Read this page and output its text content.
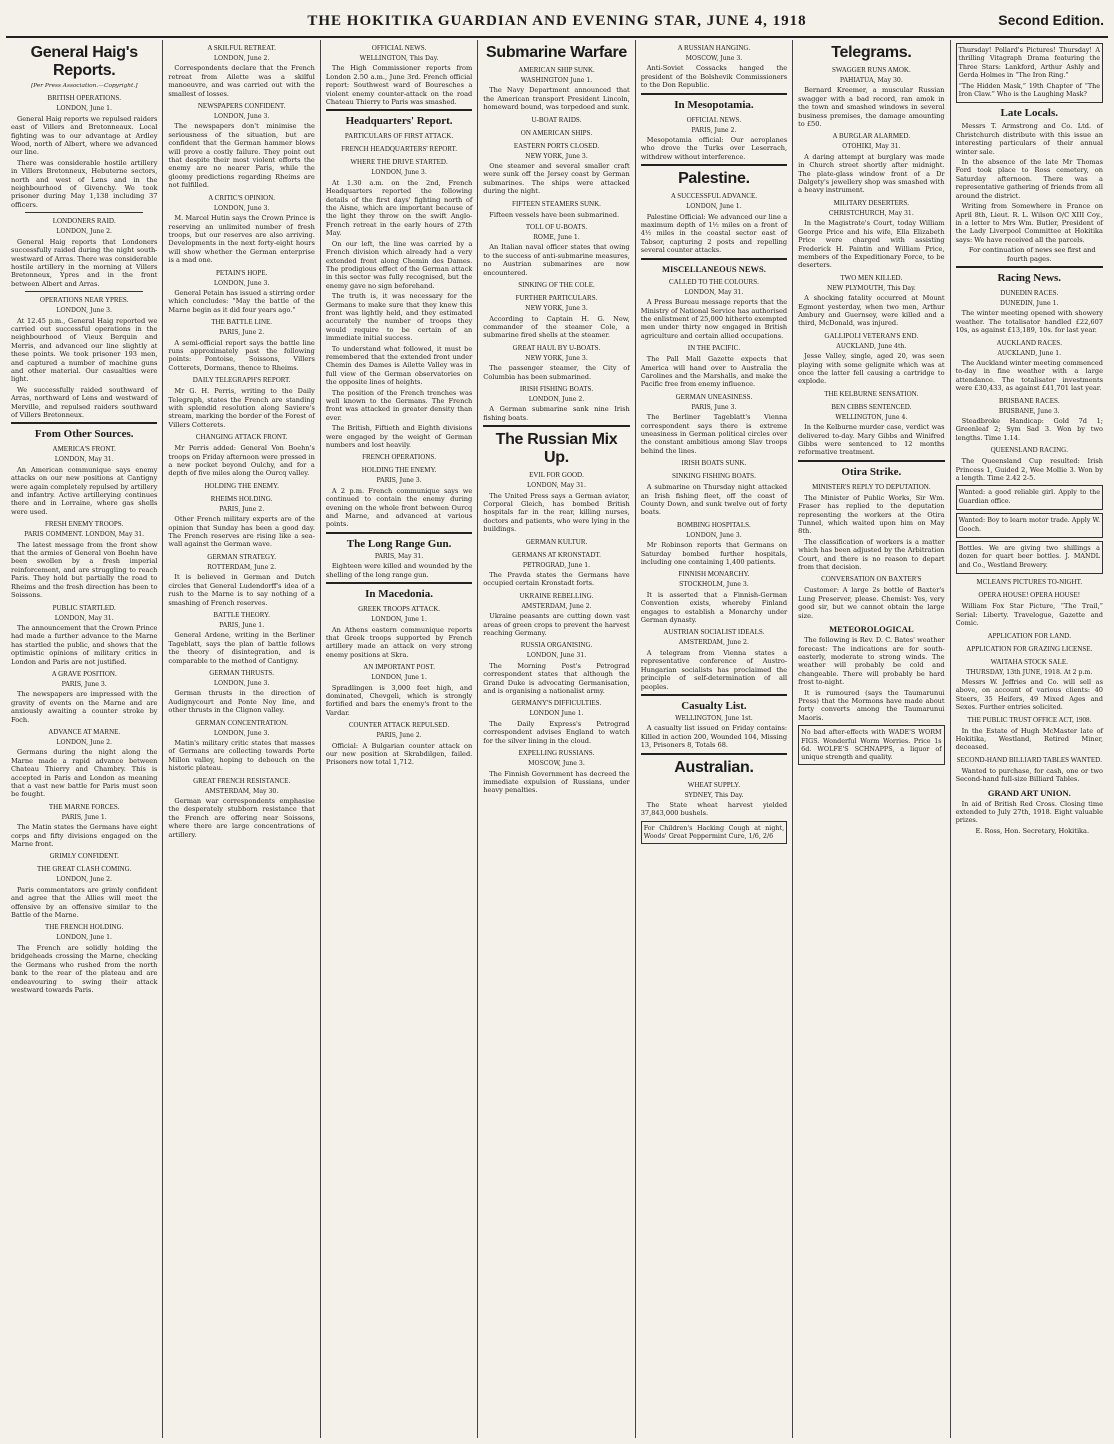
THE HOKITIKA GUARDIAN AND EVENING STAR, JUNE 4, 1918	Second Edition.
General Haig's Reports.
[Per Press Association.—Copyright.]
BRITISH OPERATIONS.
LONDON, June 1.

General Haig reports we repulsed raiders east of Villers and Bretonneaux. Local fighting was to our advantage at Ardley Wood, north of Albert, where we advanced our line.

There was considerable hostile artillery in Villers Bretonneux, Hebuterne sectors, north and west of Lens and in the neighbourhood of Givenchy. We took prisoner during May 1,138 including 37 officers.

LONDONERS RAID.
LONDON, June 2.

General Haig reports that Londoners successfully raided during the night south-westward of Arras. There was considerable hostile artillery in the morning at Villers Bretonneux, Ypres and in the front between Albert and Arras.

OPERATIONS NEAR YPRES.
LONDON, June 3.

At 12.45 p.m., General Haig reported we carried out successful operations in the neighbourhood of Vieux Berquin and Merris, and advanced our line slightly at these points. We took prisoner 193 men, and captured a number of machine guns and other material. Our casualties were light.

We successfully raided southward of Arras, northward of Lens and westward of Merville, and repulsed raiders southward of Villers Bretonneux.

From Other Sources.
AMERICA'S FRONT.
LONDON, May 31.

An American communique says enemy attacks on our new positions at Cantigny were again completely repulsed by artillery and infantry. Active artillerying continues there and in Lorraine, where gas shells were used.

FRESH ENEMY TROOPS.
PARIS COMMENT. LONDON, May 31.

The latest message from the front show that the armies of General von Boehn have been swollen by a fresh imperial reinforcement, and are struggling to reach Paris. They hold but partially the road to Rheims and the fresh direction has been to Soissons.

PUBLIC STARTLED.
LONDON, May 31.

The announcement that the Crown Prince had made a further advance to the Marne has startled the public, and shows that the optimistic opinions of military critics in London and Paris are not justified.

A GRAVE POSITION.
PARIS, June 3.

The newspapers are impressed with the gravity of events on the Marne and are anxiously awaiting a counter stroke by Foch.

ADVANCE AT MARNE.
LONDON, June 2.

Germans during the night along the Marne made a rapid advance between Chateau Thierry and Chambry. This is accepted in Paris and London as meaning that a vast new battle for Paris must soon be fought.

THE MARNE FORCES.
PARIS, June 1.

The Matin states the Germans have eight corps and fifty divisions engaged on the Marne front.

GRIMLY CONFIDENT.
THE GREAT CLASH COMING.
LONDON, June 2.

Paris commentators are grimly confident and agree that the Allies will meet the offensive by an offensive similar to the Battle of the Marne.

THE FRENCH HOLDING.
LONDON, June 1.

The French are solidly holding the bridgeheads crossing the Marne, checking the Germans who rushed from the north bank to the rear of the plateau and are endeavouring to swing their attack westward towards Paris.

A SKILFUL RETREAT.
LONDON, June 2.

Correspondents declare that the French retreat from Ailette was a skilful manoeuvre, and was carried out with the smallest of losses.

NEWSPAPERS CONFIDENT.
LONDON, June 3.

The newspapers don't minimise the seriousness of the situation, but are confident that the German hammer blows will prove a costly failure. They point out that despite their most violent efforts the enemy are no nearer Paris, while the gloomy predictions regarding Rheims are not fulfilled.

A CRITIC'S OPINION.
LONDON, June 3.

M. Marcel Hutin says the Crown Prince is reserving an unlimited number of fresh troops, but our reserves are also arriving. Developments in the next forty-eight hours will show whether the German enterprise is a mad one.

PETAIN'S HOPE.
LONDON, June 3.

General Petain has issued a stirring order which concludes: "May the battle of the Marne begin as it did four years ago."

THE BATTLE LINE.
PARIS, June 2.

A semi-official report says the battle line runs approximately past the following points: Pontoise, Soissons, Villers Cotterets, Dormans, thence to Rheims.

DAILY TELEGRAPH'S REPORT.

Mr G. H. Perris, writing to the Daily Telegraph, states the French are standing with splendid resolution along Saviere's stream, marking the border of the Forest of Villers Cotterets.

CHANGING ATTACK FRONT.

Mr Perris added: General Von Boehn's troops on Friday afternoon were pressed in a new pocket beyond Oulchy, and for a depth of five miles along the Ourcq valley.

HOLDING THE ENEMY.
RHEIMS HOLDING.
PARIS, June 2.

Other French military experts are of the opinion that Sunday has been a good day. The French reserves are rising like a sea-wall against the German wave.

GERMAN STRATEGY.
ROTTERDAM, June 2.

It is believed in German and Dutch circles that General Ludendorff's idea of a rush to the Marne is to say nothing of a smashing of French reserves.

BATTLE THEORY.
PARIS, June 1.

General Ardene, writing in the Berliner Tageblatt, says the plan of battle follows the theory of disintegration, and is comparable to the method of Cantigny.

GERMAN THRUSTS.
LONDON, June 3.

German thrusts in the direction of Audignycourt and Ponte Noy line, and other thrusts in the Clignon valley.

GERMAN CONCENTRATION.
LONDON, June 3.

Matin's military critic states that masses of Germans are collecting towards Porte Millon valley, hoping to debouch on the historic plateau.

GREAT FRENCH RESISTANCE.
AMSTERDAM, May 30.

German war correspondents emphasise the desperately stubborn resistance that the French are offering near Soissons, where there are large concentrations of artillery.

OFFICIAL NEWS.
WELLINGTON, This Day.

The High Commissioner reports from London 2.50 a.m., June 3rd. French official report: Southwest ward of Bouresches a violent enemy counter-attack on the road Chateau Thierry to Paris was smashed.

Headquarters' Report.
PARTICULARS OF FIRST ATTACK.
FRENCH HEADQUARTERS' REPORT.
WHERE THE DRIVE STARTED.
LONDON, June 3.

At 1.30 a.m. on the 2nd, French Headquarters reported the following details of the first days' fighting north of the Aisne, which are important because of the light they throw on the swift Anglo-French retreat in the early hours of 27th May.

On our left, the line was carried by a French division which already had a very extended front along Chemin des Dames. The prodigious effect of the German attack in this sector was fully recognised, but the enemy gave no sign beforehand.

The truth is, it was necessary for the Germans to make sure that they knew this front was lightly held, and they estimated accurately the number of troops they would require to be certain of an immediate initial success.

To understand what followed, it must be remembered that the extended front under Chemin des Dames is Ailette Valley was in full view of the German observatories on the opposite lines of heights.

The position of the French trenches was well known to the Germans. The French front was attacked in greater density than ever.

The British, Fiftieth and Eighth divisions were engaged by the weight of German numbers and lost heavily.

FRENCH OPERATIONS.
HOLDING THE ENEMY.
PARIS, June 3.

A 2 p.m. French communique says we continued to contain the enemy during evening on the whole front between Ourcq and Marne, and advanced at various points.

The Long Range Gun.
PARIS, May 31.

Eighteen were killed and wounded by the shelling of the long range gun.

In Macedonia.
GREEK TROOPS ATTACK.
LONDON, June 1.

An Athens eastern communique reports that Greek troops supported by French artillery made an attack on very strong enemy positions at Skra.

AN IMPORTANT POST.
LONDON, June 1.

Spradlingen is 3,000 feet high, and dominated, Chevgeli, which is strongly fortified and bars the enemy's front to the Vardar.

COUNTER ATTACK REPULSED.
PARIS, June 2.

Official: A Bulgarian counter attack on our new position at Skrabdilgen, failed. Prisoners now total 1,712.

Submarine Warfare
AMERICAN SHIP SUNK.
WASHINGTON June 1.

The Navy Department announced that the American transport President Lincoln, homeward bound, was torpedoed and sunk.

U-BOAT RAIDS.
ON AMERICAN SHIPS.
EASTERN PORTS CLOSED.
NEW YORK, June 3.

One steamer and several smaller craft were sunk off the Jersey coast by German submarines. The ships were attacked during the night.

FIFTEEN STEAMERS SUNK.

Fifteen vessels have been submarined.

TOLL OF U-BOATS.
ROME, June 1.

An Italian naval officer states that owing to the success of anti-submarine measures, no Austrian submarines are now encountered.

SINKING OF THE COLE.
FURTHER PARTICULARS.
NEW YORK, June 3.

According to Captain H. G. New, commander of the steamer Cole, a submarine fired shells at the steamer.

GREAT HAUL BY U-BOATS.
NEW YORK, June 3.

The passenger steamer, the City of Columbia has been submarined.

IRISH FISHING BOATS.
LONDON, June 2.

A German submarine sank nine Irish fishing boats.

The Russian Mix Up.
EVIL FOR GOOD.
LONDON, May 31.

The United Press says a German aviator, Corporal Gleich, has bombed British hospitals far in the rear, killing nurses, doctors and patients, who were lying in the buildings.

GERMAN KULTUR.
GERMANS AT KRONSTADT.
PETROGRAD, June 1.

The Pravda states the Germans have occupied certain Kronstadt forts.

UKRAINE REBELLING.
AMSTERDAM, June 2.

Ukraine peasants are cutting down vast areas of green crops to prevent the harvest reaching Germany.

RUSSIA ORGANISING.
LONDON, June 31.

The Morning Post's Petrograd correspondent states that although the Grand Duke is advocating Germanisation, and is organising a nationalist army.

GERMANY'S DIFFICULTIES.
LONDON June 1.

The Daily Express's Petrograd correspondent advises England to watch for the silver lining in the cloud.

EXPELLING RUSSIANS.
MOSCOW, June 3.

The Finnish Government has decreed the immediate expulsion of Russians, under heavy penalties.

A RUSSIAN HANGING.
MOSCOW, June 3.

Anti-Soviet Cossacks hanged the president of the Bolshevik Commissioners to the Don Republic.

In Mesopotamia.
OFFICIAL NEWS.
PARIS, June 2.

Mesopotamia official: Our aeroplanes who drove the Turks over Leserrach, withdrew without interference.

Palestine.
A SUCCESSFUL ADVANCE.
LONDON, June 1.

Palestine Official: We advanced our line a maximum depth of 1½ miles on a front of 4½ miles in the coastal sector east of Tabsor, capturing 2 posts and repelling several counter attacks.

MISCELLANEOUS NEWS.
CALLED TO THE COLOURS.
LONDON, May 31.

A Press Bureau message reports that the Ministry of National Service has authorised the enlistment of 25,000 hitherto exempted men under thirty now engaged in British agriculture and certain allied occupations.

IN THE PACIFIC.

The Pall Mall Gazette expects that America will hand over to Australia the Carolines and the Marshalls, and make the Pacific free from enemy influence.

GERMAN UNEASINESS.
PARIS, June 3.

The Berliner Tageblatt's Vienna correspondent says there is extreme uneasiness in German political circles over the constant ambitious among Slav troops behind the lines.

IRISH BOATS SUNK.
SINKING FISHING BOATS.

A submarine on Thursday night attacked an Irish fishing fleet, off the coast of County Down, and sunk twelve out of forty boats.

BOMBING HOSPITALS.
LONDON, June 3.

Mr Robinson reports that Germans on Saturday bombed further hospitals, including one containing 1,400 patients.

FINNISH MONARCHY.
STOCKHOLM, June 3.

It is asserted that a Finnish-German Convention exists, whereby Finland engages to establish a Monarchy under German dynasty.

AUSTRIAN SOCIALIST IDEALS.
AMSTERDAM, June 2.

A telegram from Vienna states a representative conference of Austro-Hungarian socialists has proclaimed the principle of self-determination of all peoples.

Casualty List.
WELLINGTON, June 1st.

A casualty list issued on Friday contains: Killed in action 200, Wounded 104, Missing 13, Prisoners 8, Totals 68.

Australian.
WHEAT SUPPLY.
SYDNEY, This Day.

The State wheat harvest yielded 37,843,000 bushels.

For Children's Hacking Cough at night, Woods' Great Peppermint Cure, 1/6, 2/6
Telegrams.
SWAGGER RUNS AMOK.
PAHIATUA, May 30.

Bernard Kreemer, a muscular Russian swagger with a bad record, ran amok in the town and smashed windows in several business premises, the damage amounting to £50.

A BURGLAR ALARMED.
OTOHIKI, May 31.

A daring attempt at burglary was made in Church street shortly after midnight. The plate-glass window front of a Dr Dalgety's jewellery shop was smashed with a heavy instrument.

MILITARY DESERTERS.
CHRISTCHURCH, May 31.

In the Magistrate's Court, today William George Price and his wife, Ella Elizabeth Price were charged with assisting Frederick H. Paintin and William Price, members of the Expeditionary Force, to be deserters.

TWO MEN KILLED.
NEW PLYMOUTH, This Day.

A shocking fatality occurred at Mount Egmont yesterday, when two men, Arthur Ambury and Guernsey, were killed and a third, McDonald, was injured.

GALLIPOLI VETERAN'S END.
AUCKLAND, June 4th.

Jesse Valley, single, aged 20, was seen playing with some gelignite which was at once the latter fell causing a cartridge to explode.

THE KELBURNE SENSATION.
BEN CIBBS SENTENCED.
WELLINGTON, June 4.

In the Kelburne murder case, verdict was delivered to-day. Mary Gibbs and Winifred Gibbs were sentenced to 12 months reformative treatment.

Otira Strike.
MINISTER'S REPLY TO DEPUTATION.

The Minister of Public Works, Sir Wm. Fraser has replied to the deputation representing the workers at the Otira Tunnel, which waited upon him on May 8th.

The classification of workers is a matter which has been adjusted by the Arbitration Court, and there is no reason to depart from that decision.

CONVERSATION ON BAXTER'S

Customer: A large 2s bottle of Baxter's Lung Preserver, please. Chemist: Yes, very good sir, but we cannot obtain the large size.

METEOROLOGICAL

The following is Rev. D. C. Bates' weather forecast: The indications are for south-easterly, moderate to strong winds. The weather will probably be cold and changeable. There will probably be hard frost to-night.

It is rumoured (says the Taumarunui Press) that the Mormons have made about forty converts among the Taumarunui Maoris.

No bad after-effects with WADE'S WORM FIGS. Wonderful Worm Worries. Price 1s 6d. WOLFE'S SCHNAPPS, a liquor of unique strength and quality.

Thursday! Pollard's Pictures! Thursday! A thrilling Vitagraph Drama featuring the Three Stars: Lankford, Arthur Ashly and Gerda Holmes in “The Iron Ring.”

“The Hidden Mask,” 19th Chapter of “The Iron Claw.” Who is the Laughing Mask?

Late Locals.

Messrs T. Armstrong and Co. Ltd. of Christchurch distribute with this issue an interesting particulars of their annual winter sale.

In the absence of the late Mr Thomas Ford took place to Ross cemetery, on Saturday afternoon. There was a representative gathering of friends from all around the district.

Writing from Somewhere in France on April 8th, Lieut. R. L. Wilson O/C XIII Coy., in a letter to Mrs Wm. Butler, President of the Lady Liverpool Committee at Hokitika says: We have received all the parcels.

For continuation of news see first and fourth pages.

Racing News.
DUNEDIN RACES.
DUNEDIN, June 1.

The winter meeting opened with showery weather. The totalisator handled £22,607 10s, as against £13,189, 10s. for last year.

AUCKLAND RACES.
AUCKLAND, June 1.

The Auckland winter meeting commenced to-day in fine weather with a large attendance. The totalisator investments were £30,433, as against £41,701 last year.

BRISBANE RACES.
BRISBANE, June 3.

Steadbroke Handicap: Gold 7d 1; Greenleaf 2; Sym Sad 3. Won by two lengths. Time 1.14.

QUEENSLAND RACING.

The Queensland Cup resulted: Irish Princess 1, Guided 2, Wee Mollie 3. Won by a length. Time 2.42 2-5.

Wanted: a good reliable girl. Apply to the Guardian office.

Wanted: Boy to learn motor trade. Apply W. Gooch.

Bottles. We are giving two shillings a dozen for quart beer bottles. J. MANDL and Co., Westland Brewery.

MCLEAN'S PICTURES TO-NIGHT.
OPERA HOUSE! OPERA HOUSE!

William Fox Star Picture, “The Trail,” Serial: Liberty. Travelogue, Gazette and Comic.

APPLICATION FOR LAND.
APPLICATION FOR GRAZING LICENSE.
WAITAHA STOCK SALE.
THURSDAY, 13th JUNE, 1918. At 2 p.m.

Messrs W. Jeffries and Co. will sell as above, on account of various clients: 40 Steers, 35 Heifers, 49 Mixed Ages and Sexes. Further entries solicited.

THE PUBLIC TRUST OFFICE ACT, 1908.

In the Estate of Hugh McMaster late of Hokitika, Westland, Retired Miner, deceased.

SECOND-HAND BILLIARD TABLES WANTED.

Wanted to purchase, for cash, one or two Second-hand full-size Billiard Tables.

GRAND ART UNION.

In aid of British Red Cross. Closing time extended to July 27th, 1918. Eight valuable prizes.

E. Ross, Hon. Secretary, Hokitika.
